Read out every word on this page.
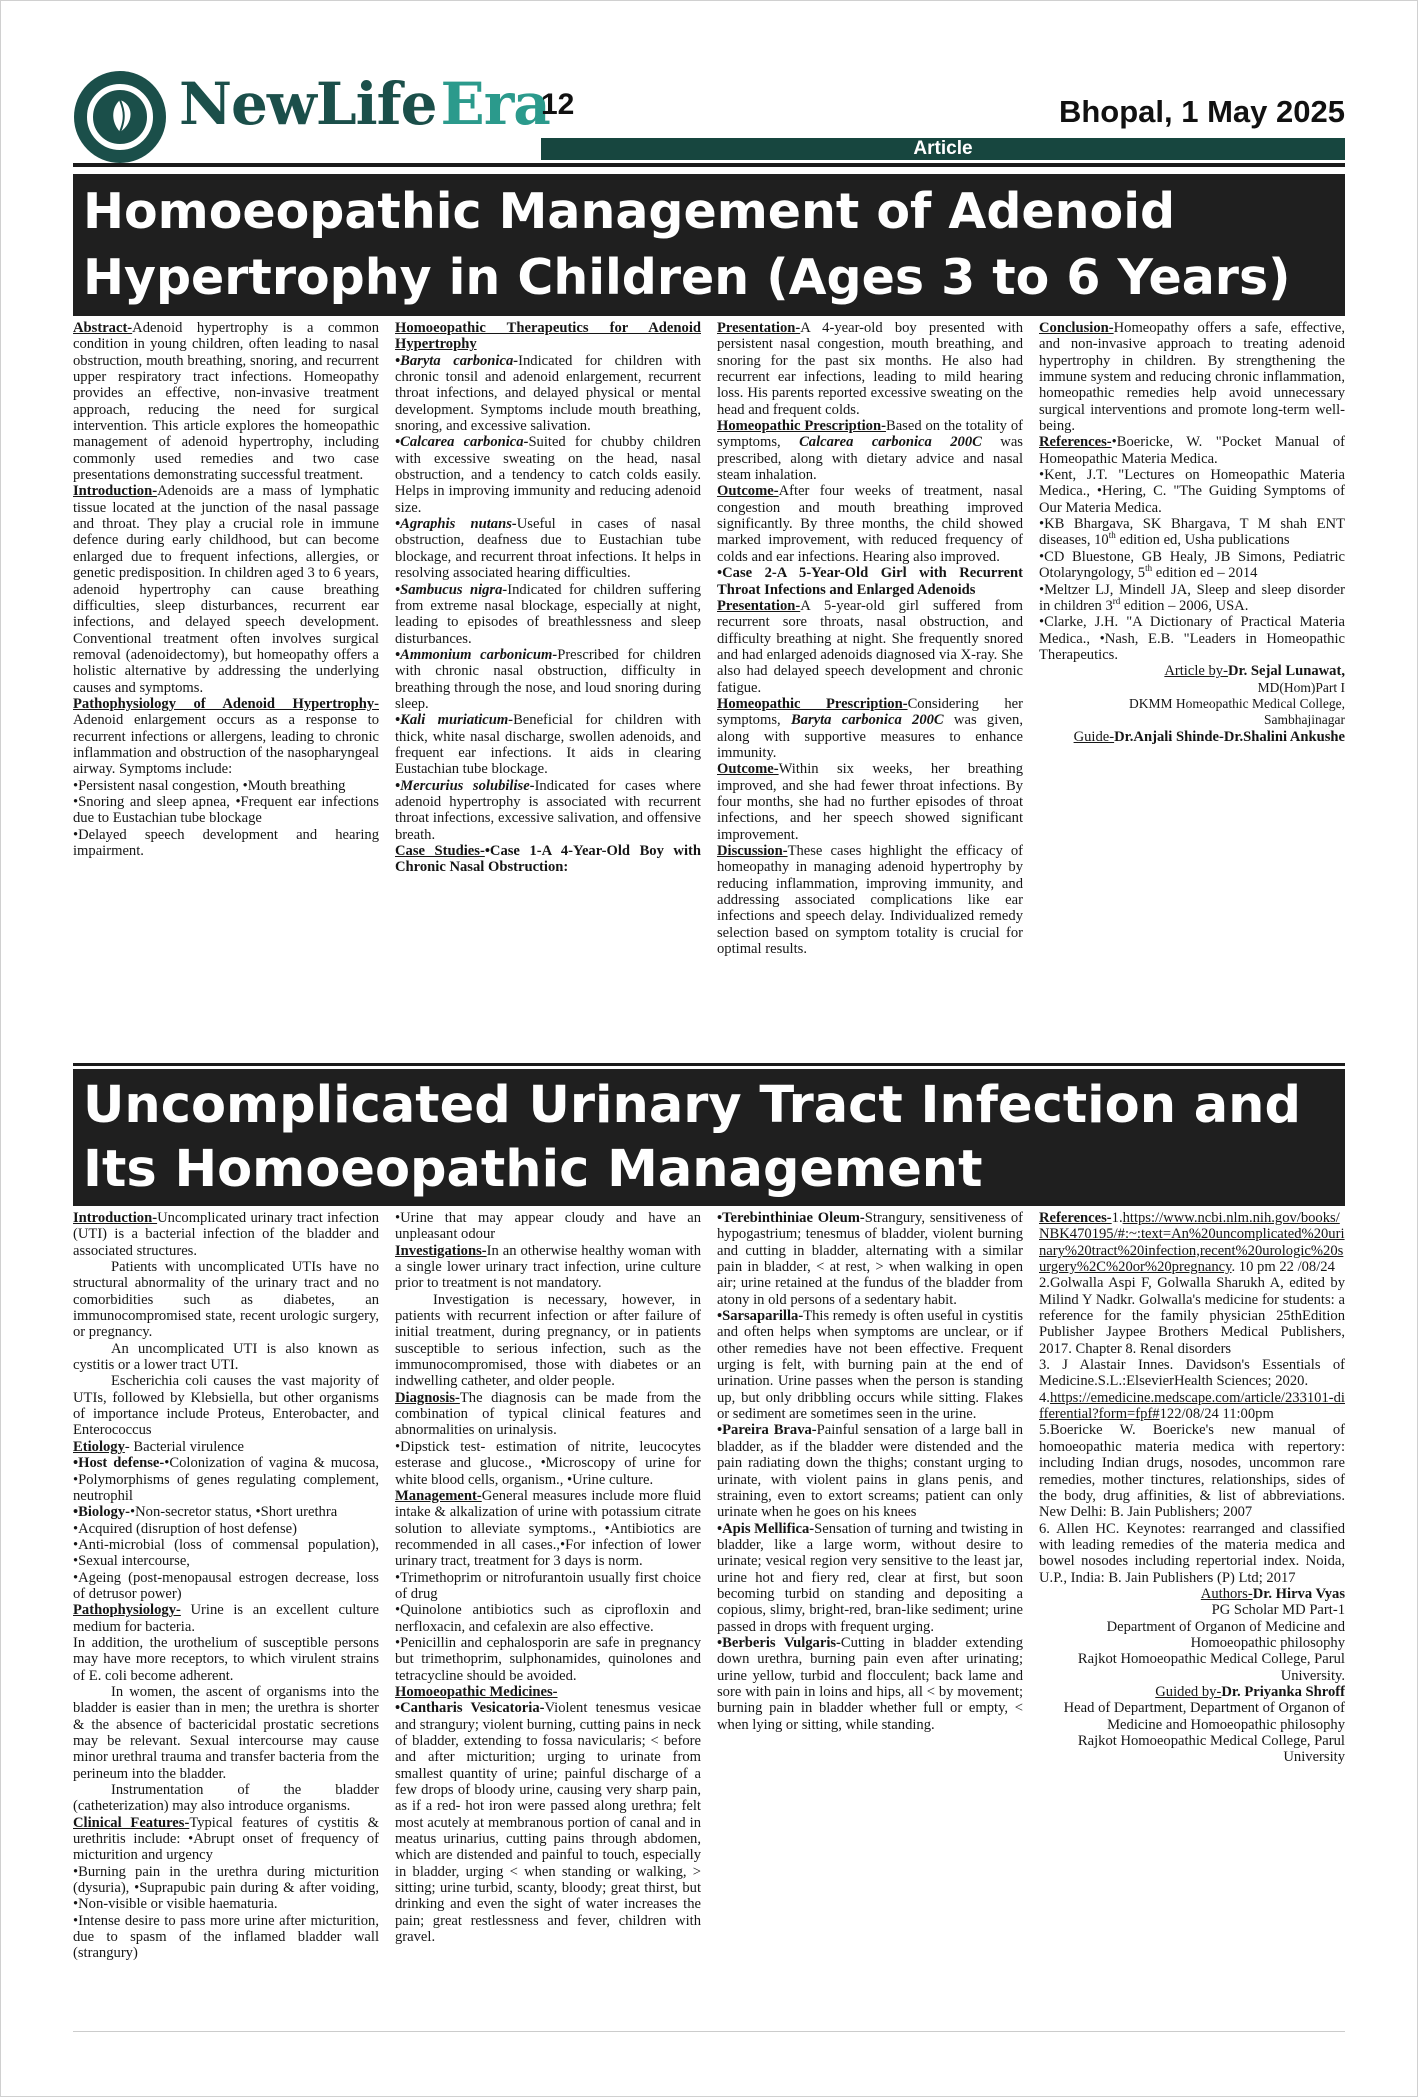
NewLife Era
12	Bhopal, 1 May 2025
Article
Homoeopathic Management of Adenoid
Hypertrophy in Children (Ages 3 to 6 Years)

Abstract-Adenoid hypertrophy is a common condition in young children, often leading to nasal obstruction, mouth breathing, snoring, and recurrent upper respiratory tract infections. Homeopathy provides an effective, non-invasive treatment approach, reducing the need for surgical intervention. This article explores the homeopathic management of adenoid hypertrophy, including commonly used remedies and two case presentations demonstrating successful treatment.

Introduction-Adenoids are a mass of lymphatic tissue located at the junction of the nasal passage and throat. They play a crucial role in immune defence during early childhood, but can become enlarged due to frequent infections, allergies, or genetic predisposition. In children aged 3 to 6 years, adenoid hypertrophy can cause breathing difficulties, sleep disturbances, recurrent ear infections, and delayed speech development. Conventional treatment often involves surgical removal (adenoidectomy), but homeopathy offers a holistic alternative by addressing the underlying causes and symptoms.

Pathophysiology of Adenoid Hypertrophy-Adenoid enlargement occurs as a response to recurrent infections or allergens, leading to chronic inflammation and obstruction of the nasopharyngeal airway. Symptoms include:

•Persistent nasal congestion, •Mouth breathing

•Snoring and sleep apnea, •Frequent ear infections due to Eustachian tube blockage

•Delayed speech development and hearing impairment.

Homoeopathic Therapeutics for Adenoid Hypertrophy

•Baryta carbonica-Indicated for children with chronic tonsil and adenoid enlargement, recurrent throat infections, and delayed physical or mental development. Symptoms include mouth breathing, snoring, and excessive salivation.

•Calcarea carbonica-Suited for chubby children with excessive sweating on the head, nasal obstruction, and a tendency to catch colds easily. Helps in improving immunity and reducing adenoid size.

•Agraphis nutans-Useful in cases of nasal obstruction, deafness due to Eustachian tube blockage, and recurrent throat infections. It helps in resolving associated hearing difficulties.

•Sambucus nigra-Indicated for children suffering from extreme nasal blockage, especially at night, leading to episodes of breathlessness and sleep disturbances.

•Ammonium carbonicum-Prescribed for children with chronic nasal obstruction, difficulty in breathing through the nose, and loud snoring during sleep.

•Kali muriaticum-Beneficial for children with thick, white nasal discharge, swollen adenoids, and frequent ear infections. It aids in clearing Eustachian tube blockage.

•Mercurius solubilise-Indicated for cases where adenoid hypertrophy is associated with recurrent throat infections, excessive salivation, and offensive breath.

Case Studies-•Case 1-A 4-Year-Old Boy with Chronic Nasal Obstruction:

Presentation-A 4-year-old boy presented with persistent nasal congestion, mouth breathing, and snoring for the past six months. He also had recurrent ear infections, leading to mild hearing loss. His parents reported excessive sweating on the head and frequent colds.

Homeopathic Prescription-Based on the totality of symptoms, Calcarea carbonica 200C was prescribed, along with dietary advice and nasal steam inhalation.

Outcome-After four weeks of treatment, nasal congestion and mouth breathing improved significantly. By three months, the child showed marked improvement, with reduced frequency of colds and ear infections. Hearing also improved.

•Case 2-A 5-Year-Old Girl with Recurrent Throat Infections and Enlarged Adenoids

Presentation-A 5-year-old girl suffered from recurrent sore throats, nasal obstruction, and difficulty breathing at night. She frequently snored and had enlarged adenoids diagnosed via X-ray. She also had delayed speech development and chronic fatigue.

Homeopathic Prescription-Considering her symptoms, Baryta carbonica 200C was given, along with supportive measures to enhance immunity.

Outcome-Within six weeks, her breathing improved, and she had fewer throat infections. By four months, she had no further episodes of throat infections, and her speech showed significant improvement.

Discussion-These cases highlight the efficacy of homeopathy in managing adenoid hypertrophy by reducing inflammation, improving immunity, and addressing associated complications like ear infections and speech delay. Individualized remedy selection based on symptom totality is crucial for optimal results.

Conclusion-Homeopathy offers a safe, effective, and non-invasive approach to treating adenoid hypertrophy in children. By strengthening the immune system and reducing chronic inflammation, homeopathic remedies help avoid unnecessary surgical interventions and promote long-term well-being.

References-•Boericke, W. "Pocket Manual of Homeopathic Materia Medica.

•Kent, J.T. "Lectures on Homeopathic Materia Medica., •Hering, C. "The Guiding Symptoms of Our Materia Medica.

•KB Bhargava, SK Bhargava, T M shah ENT diseases, 10th edition ed, Usha publications

•CD Bluestone, GB Healy, JB Simons, Pediatric Otolaryngology, 5th edition ed – 2014

•Meltzer LJ, Mindell JA, Sleep and sleep disorder in children 3rd edition – 2006, USA.

•Clarke, J.H. "A Dictionary of Practical Materia Medica., •Nash, E.B. "Leaders in Homeopathic Therapeutics.

Article by-Dr. Sejal Lunawat,

MD(Hom)Part I

DKMM Homeopathic Medical College,

Sambhajinagar

Guide-Dr.Anjali Shinde-Dr.Shalini Ankushe

Uncomplicated Urinary Tract Infection and
Its Homoeopathic Management

Introduction-Uncomplicated urinary tract infection (UTI) is a bacterial infection of the bladder and associated structures.

Patients with uncomplicated UTIs have no structural abnormality of the urinary tract and no comorbidities such as diabetes, an immunocompromised state, recent urologic surgery, or pregnancy.

An uncomplicated UTI is also known as cystitis or a lower tract UTI.

Escherichia coli causes the vast majority of UTIs, followed by Klebsiella, but other organisms of importance include Proteus, Enterobacter, and Enterococcus

Etiology- Bacterial virulence

•Host defense-•Colonization of vagina & mucosa, •Polymorphisms of genes regulating complement, neutrophil

•Biology-•Non-secretor status, •Short urethra

•Acquired (disruption of host defense)

•Anti-microbial (loss of commensal population), •Sexual intercourse,

•Ageing (post-menopausal estrogen decrease, loss of detrusor power)

Pathophysiology- Urine is an excellent culture medium for bacteria.

In addition, the urothelium of susceptible persons may have more receptors, to which virulent strains of E. coli become adherent.

In women, the ascent of organisms into the bladder is easier than in men; the urethra is shorter & the absence of bactericidal prostatic secretions may be relevant. Sexual intercourse may cause minor urethral trauma and transfer bacteria from the perineum into the bladder.

Instrumentation of the bladder (catheterization) may also introduce organisms.

Clinical Features-Typical features of cystitis & urethritis include: •Abrupt onset of frequency of micturition and urgency

•Burning pain in the urethra during micturition (dysuria), •Suprapubic pain during & after voiding, •Non-visible or visible haematuria.

•Intense desire to pass more urine after micturition, due to spasm of the inflamed bladder wall (strangury)

•Urine that may appear cloudy and have an unpleasant odour

Investigations-In an otherwise healthy woman with a single lower urinary tract infection, urine culture prior to treatment is not mandatory.

Investigation is necessary, however, in patients with recurrent infection or after failure of initial treatment, during pregnancy, or in patients susceptible to serious infection, such as the immunocompromised, those with diabetes or an indwelling catheter, and older people.

Diagnosis-The diagnosis can be made from the combination of typical clinical features and abnormalities on urinalysis.

•Dipstick test- estimation of nitrite, leucocytes esterase and glucose., •Microscopy of urine for white blood cells, organism., •Urine culture.

Management-General measures include more fluid intake & alkalization of urine with potassium citrate solution to alleviate symptoms., •Antibiotics are recommended in all cases.,•For infection of lower urinary tract, treatment for 3 days is norm.

•Trimethoprim or nitrofurantoin usually first choice of drug

•Quinolone antibiotics such as ciprofloxin and nerfloxacin, and cefalexin are also effective.

•Penicillin and cephalosporin are safe in pregnancy but trimethoprim, sulphonamides, quinolones and tetracycline should be avoided.

Homoeopathic Medicines-

•Cantharis Vesicatoria-Violent tenesmus vesicae and strangury; violent burning, cutting pains in neck of bladder, extending to fossa navicularis; < before and after micturition; urging to urinate from smallest quantity of urine; painful discharge of a few drops of bloody urine, causing very sharp pain, as if a red- hot iron were passed along urethra; felt most acutely at membranous portion of canal and in meatus urinarius, cutting pains through abdomen, which are distended and painful to touch, especially in bladder, urging < when standing or walking, > sitting; urine turbid, scanty, bloody; great thirst, but drinking and even the sight of water increases the pain; great restlessness and fever, children with gravel.

•Terebinthiniae Oleum-Strangury, sensitiveness of hypogastrium; tenesmus of bladder, violent burning and cutting in bladder, alternating with a similar pain in bladder, < at rest, > when walking in open air; urine retained at the fundus of the bladder from atony in old persons of a sedentary habit.

•Sarsaparilla-This remedy is often useful in cystitis and often helps when symptoms are unclear, or if other remedies have not been effective. Frequent urging is felt, with burning pain at the end of urination. Urine passes when the person is standing up, but only dribbling occurs while sitting. Flakes or sediment are sometimes seen in the urine.

•Pareira Brava-Painful sensation of a large ball in bladder, as if the bladder were distended and the pain radiating down the thighs; constant urging to urinate, with violent pains in glans penis, and straining, even to extort screams; patient can only urinate when he goes on his knees

•Apis Mellifica-Sensation of turning and twisting in bladder, like a large worm, without desire to urinate; vesical region very sensitive to the least jar, urine hot and fiery red, clear at first, but soon becoming turbid on standing and depositing a copious, slimy, bright-red, bran-like sediment; urine passed in drops with frequent urging.

•Berberis Vulgaris-Cutting in bladder extending down urethra, burning pain even after urinating; urine yellow, turbid and flocculent; back lame and sore with pain in loins and hips, all < by movement; burning pain in bladder whether full or empty, < when lying or sitting, while standing.

References-1.https://www.ncbi.nlm.nih.gov/books/NBK470195/#:~:text=An%20uncomplicated%20urinary%20tract%20infection,recent%20urologic%20surgery%2C%20or%20pregnancy. 10 pm 22 /08/24

2.Golwalla Aspi F, Golwalla Sharukh A, edited by Milind Y Nadkr. Golwalla's medicine for students: a reference for the family physician 25thEdition Publisher Jaypee Brothers Medical Publishers, 2017. Chapter 8. Renal disorders

3. J Alastair Innes. Davidson's Essentials of Medicine.S.L.:ElsevierHealth Sciences; 2020.

4.https://emedicine.medscape.com/article/233101-differential?form=fpf#122/08/24 11:00pm

5.Boericke W. Boericke's new manual of homoeopathic materia medica with repertory: including Indian drugs, nosodes, uncommon rare remedies, mother tinctures, relationships, sides of the body, drug affinities, & list of abbreviations. New Delhi: B. Jain Publishers; 2007

6. Allen HC. Keynotes: rearranged and classified with leading remedies of the materia medica and bowel nosodes including repertorial index. Noida, U.P., India: B. Jain Publishers (P) Ltd; 2017

Authors-Dr. Hirva Vyas

PG Scholar MD Part-1

Department of Organon of Medicine and Homoeopathic philosophy

Rajkot Homoeopathic Medical College, Parul University.

Guided by-Dr. Priyanka Shroff

Head of Department, Department of Organon of Medicine and Homoeopathic philosophy

Rajkot Homoeopathic Medical College, Parul University
